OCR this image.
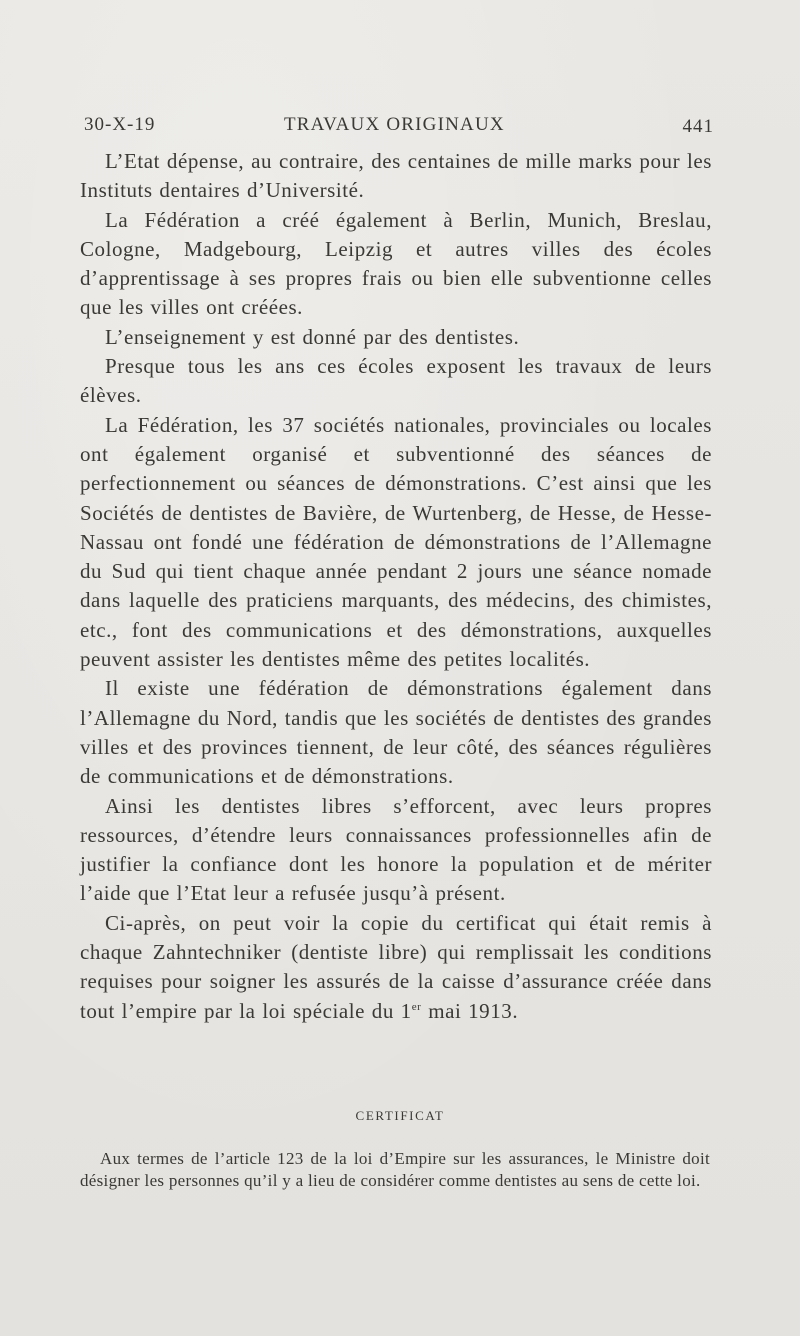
30-X-19	TRAVAUX ORIGINAUX	441

L’Etat dépense, au contraire, des centaines de mille marks pour les Instituts dentaires d’Université.

La Fédération a créé également à Berlin, Munich, Breslau, Cologne, Madgebourg, Leipzig et autres villes des écoles d’apprentissage à ses propres frais ou bien elle subventionne celles que les villes ont créées.

L’enseignement y est donné par des dentistes.

Presque tous les ans ces écoles exposent les travaux de leurs élèves.

La Fédération, les 37 sociétés nationales, provinciales ou locales ont également organisé et subventionné des séances de perfectionnement ou séances de démonstrations. C’est ainsi que les Sociétés de dentistes de Bavière, de Wurtenberg, de Hesse, de Hesse-Nassau ont fondé une fédération de démonstrations de l’Allemagne du Sud qui tient chaque année pendant 2 jours une séance nomade dans laquelle des praticiens marquants, des médecins, des chimistes, etc., font des communications et des démonstrations, auxquelles peuvent assister les dentistes même des petites localités.

Il existe une fédération de démonstrations également dans l’Allemagne du Nord, tandis que les sociétés de dentistes des grandes villes et des provinces tiennent, de leur côté, des séances régulières de communications et de démonstrations.

Ainsi les dentistes libres s’efforcent, avec leurs propres ressources, d’étendre leurs connaissances professionnelles afin de justifier la confiance dont les honore la population et de mériter l’aide que l’Etat leur a refusée jusqu’à présent.

Ci-après, on peut voir la copie du certificat qui était remis à chaque Zahntechniker (dentiste libre) qui remplissait les conditions requises pour soigner les assurés de la caisse d’assurance créée dans tout l’empire par la loi spéciale du 1er mai 1913.

CERTIFICAT

Aux termes de l’article 123 de la loi d’Empire sur les assurances, le Ministre doit désigner les personnes qu’il y a lieu de considérer comme dentistes au sens de cette loi.
